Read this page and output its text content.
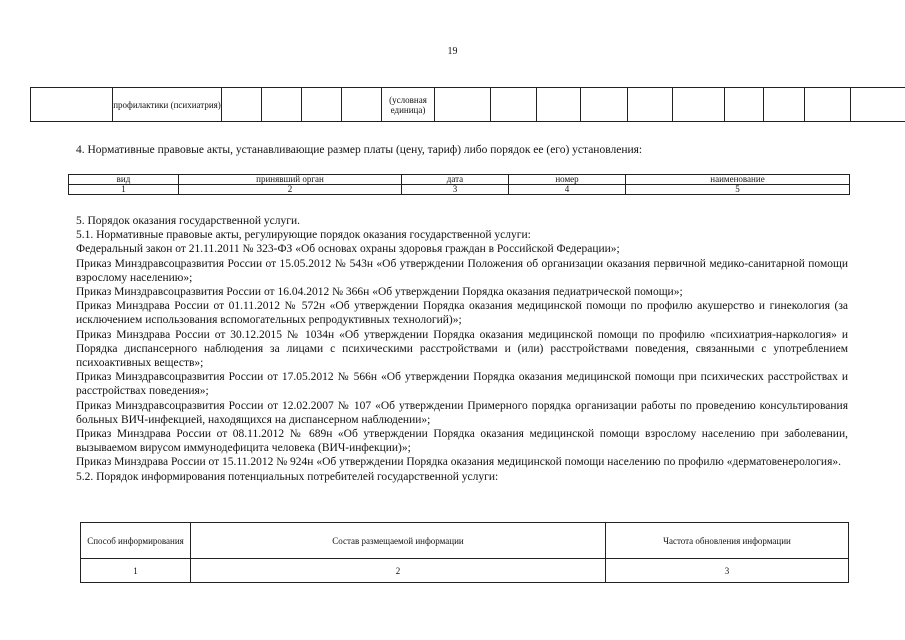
19
	профилактики (психиатрия)					(условная единица)											
4. Нормативные правовые акты, устанавливающие размер платы (цену, тариф) либо порядок ее (его) установления:
вид	принявший орган	дата	номер	наименование
1	2	3	4	5

5. Порядок оказания государственной услуги.

5.1. Нормативные правовые акты, регулирующие порядок оказания государственной услуги:

Федеральный закон от 21.11.2011 № 323-ФЗ «Об основах охраны здоровья граждан в Российской Федерации»;

Приказ Минздравсоцразвития России от 15.05.2012 № 543н «Об утверждении Положения об организации оказания первичной медико-санитарной помощи взрослому населению»;

Приказ Минздравсоцразвития России от 16.04.2012 № 366н «Об утверждении Порядка оказания педиатрической помощи»;

Приказ Минздрава России от 01.11.2012 № 572н «Об утверждении Порядка оказания медицинской помощи по профилю акушерство и гинекология (за исключением использования вспомогательных репродуктивных технологий)»;

Приказ Минздрава России от 30.12.2015 № 1034н «Об утверждении Порядка оказания медицинской помощи по профилю «психиатрия-наркология» и Порядка диспансерного наблюдения за лицами с психическими расстройствами и (или) расстройствами поведения, связанными с употреблением психоактивных веществ»;

Приказ Минздравсоцразвития России от 17.05.2012 № 566н «Об утверждении Порядка оказания медицинской помощи при психических расстройствах и расстройствах поведения»;

Приказ Минздравсоцразвития России от 12.02.2007 № 107 «Об утверждении Примерного порядка организации работы по проведению консультирования больных ВИЧ-инфекцией, находящихся на диспансерном наблюдении»;

Приказ Минздрава России от 08.11.2012 № 689н «Об утверждении Порядка оказания медицинской помощи взрослому населению при заболевании, вызываемом вирусом иммунодефицита человека (ВИЧ-инфекции)»;

Приказ Минздрава России от 15.11.2012 № 924н «Об утверждении Порядка оказания медицинской помощи населению по профилю «дерматовенерология».

5.2. Порядок информирования потенциальных потребителей государственной услуги:

Способ информирования	Состав размещаемой информации	Частота обновления информации
1	2	3
